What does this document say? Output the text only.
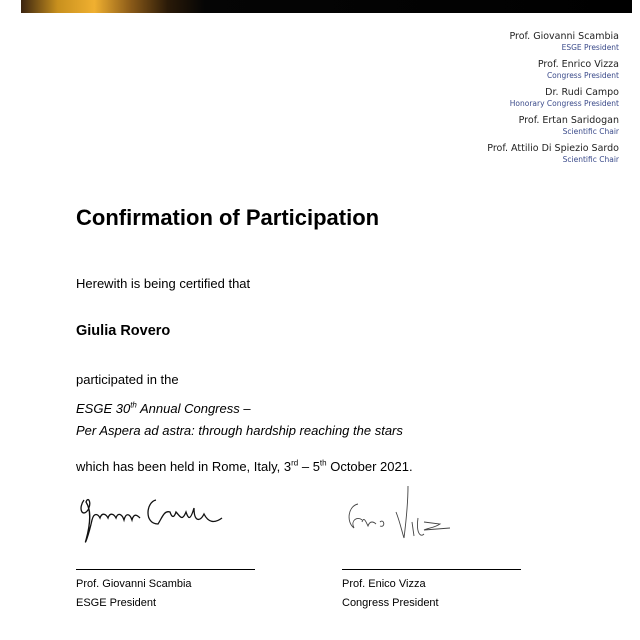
Prof. Giovanni Scambia
ESGE President
Prof. Enrico Vizza
Congress President
Dr. Rudi Campo
Honorary Congress President
Prof. Ertan Saridogan
Scientific Chair
Prof. Attilio Di Spiezio Sardo
Scientific Chair
Confirmation of Participation
Herewith is being certified that
Giulia Rovero
participated in the
ESGE 30th Annual Congress –
Per Aspera ad astra: through hardship reaching the stars
which has been held in Rome, Italy, 3rd – 5th October 2021.
Prof. Giovanni Scambia
ESGE President
Prof. Enico Vizza
Congress President
